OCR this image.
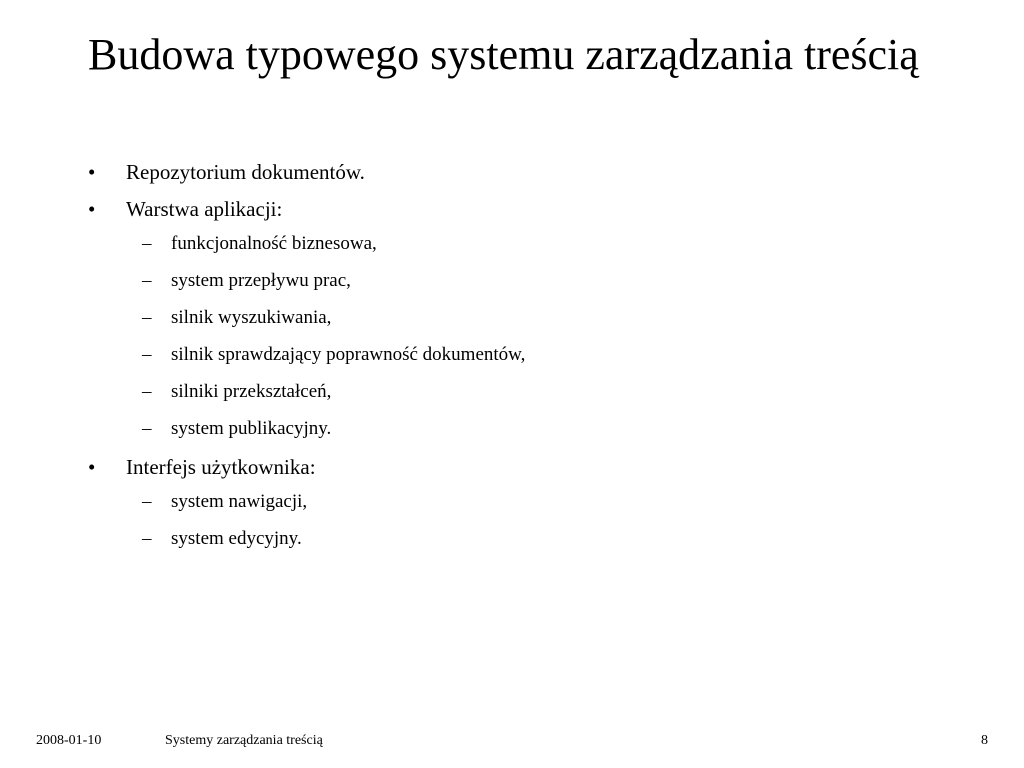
Budowa typowego systemu zarządzania treścią
•	Repozytorium dokumentów.
•	Warstwa aplikacji:
–	funkcjonalność biznesowa,
–	system przepływu prac,
–	silnik wyszukiwania,
–	silnik sprawdzający poprawność dokumentów,
–	silniki przekształceń,
–	system publikacyjny.
•	Interfejs użytkownika:
–	system nawigacji,
–	system edycyjny.
2008-01-10	Systemy zarządzania treścią	8
